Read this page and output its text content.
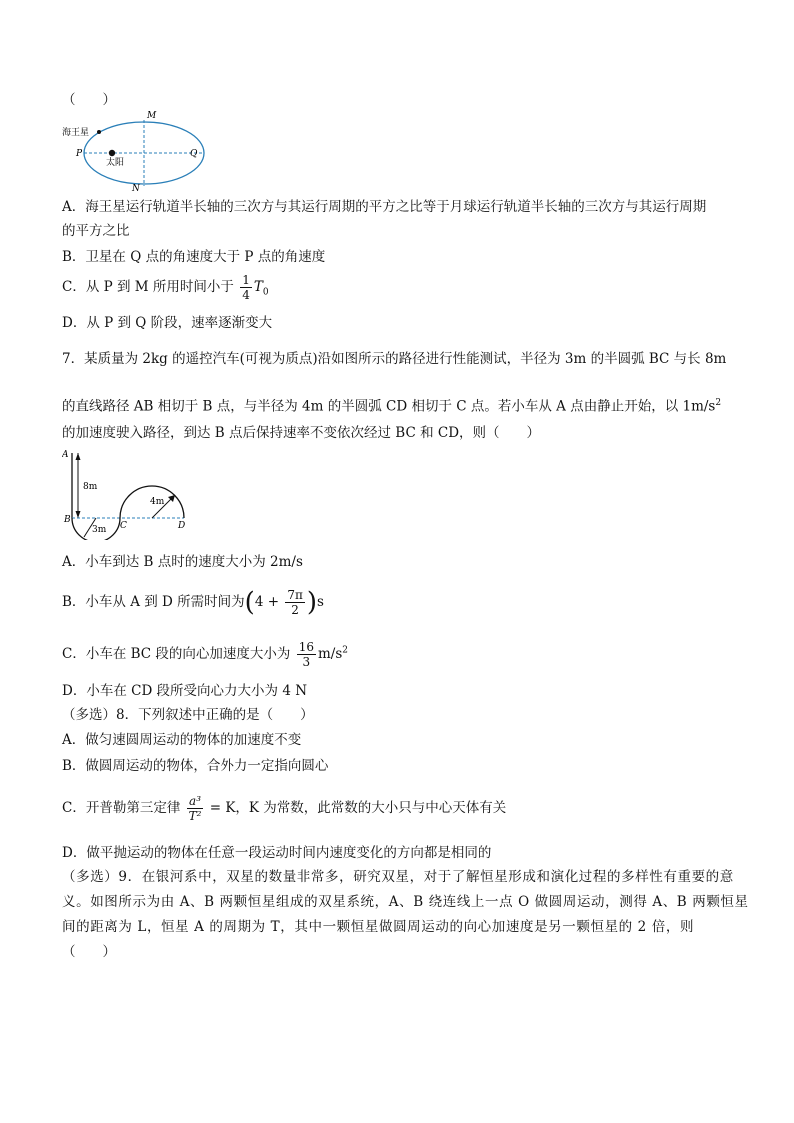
（　　）
海王星
太阳
M
N
P	Q
A．海王星运行轨道半长轴的三次方与其运行周期的平方之比等于月球运行轨道半长轴的三次方与其运行周期
的平方之比
B．卫星在 Q 点的角速度大于 P 点的角速度
C．从 P 到 M 所用时间小于 $\frac{1}{4} T_0$
D．从 P 到 Q 阶段，速率逐渐变大
7．某质量为 2kg 的遥控汽车(可视为质点)沿如图所示的路径进行性能测试，半径为 3m 的半圆弧 BC 与长 8m
的直线路径 AB 相切于 B 点，与半径为 4m 的半圆弧 CD 相切于 C 点。若小车从 A 点由静止开始，以 $1m/s^2$
的加速度驶入路径，到达 B 点后保持速率不变依次经过 BC 和 CD，则（　　）
A
B
C	D
8m
3m
4m
A．小车到达 B 点时的速度大小为 2m/s
B．小车从 A 到 D 所需时间为$(4 + \frac{7\pi}{2} )s$
C．小车在 BC 段的向心加速度大小为 $\frac{16}{3} m/s^2$
D．小车在 CD 段所受向心力大小为 4 N
（多选）8．下列叙述中正确的是（　　）
A．做匀速圆周运动的物体的加速度不变
B．做圆周运动的物体，合外力一定指向圆心
C．开普勒第三定律 $\frac{\text{a³}}{\text{T²}} = K$，K 为常数，此常数的大小只与中心天体有关
D．做平抛运动的物体在任意一段运动时间内速度变化的方向都是相同的
（多选）9．在银河系中，双星的数量非常多，研究双星，对于了解恒星形成和演化过程的多样性有重要的意
义。如图所示为由 A、B 两颗恒星组成的双星系统，A、B 绕连线上一点 O 做圆周运动，测得 A、B 两颗恒星
间的距离为 L，恒星 A 的周期为 T，其中一颗恒星做圆周运动的向心加速度是另一颗恒星的 2 倍，则
（　　）
